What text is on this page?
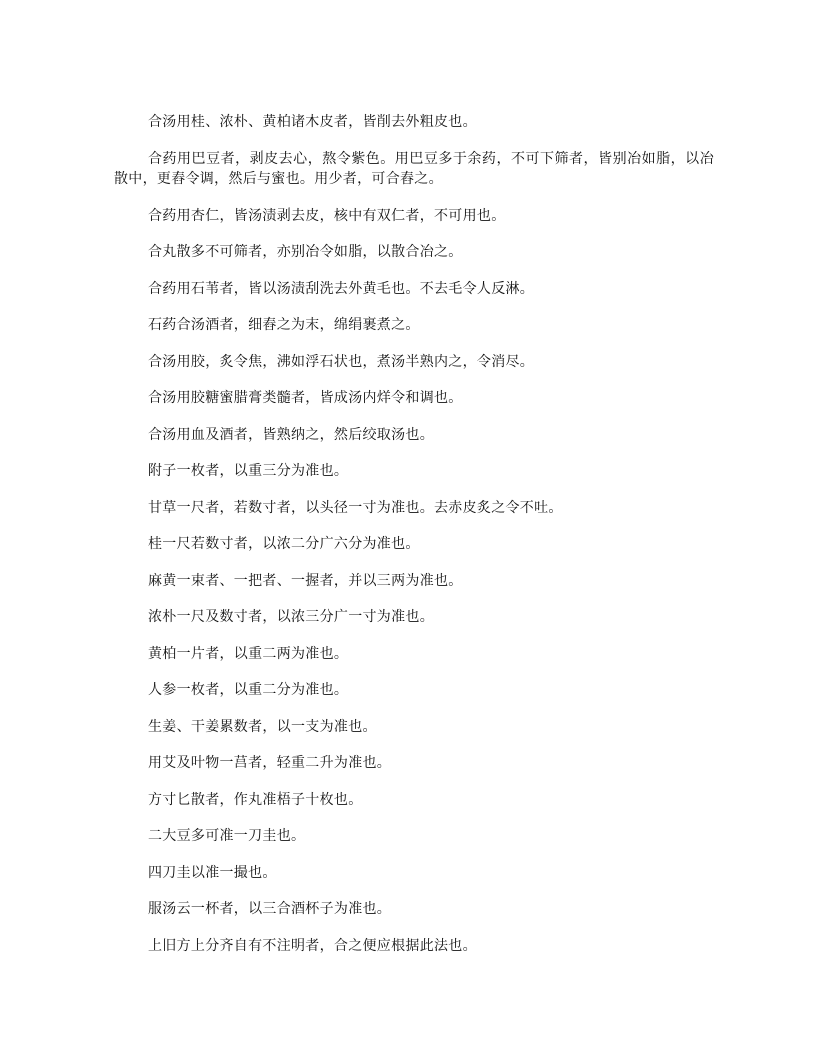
合汤用桂、浓朴、黄柏诸木皮者，皆削去外粗皮也。

合药用巴豆者，剥皮去心，熬令紫色。用巴豆多于余药，不可下筛者，皆别冶如脂，以冶散中，更舂令调，然后与蜜也。用少者，可合舂之。

合药用杏仁，皆汤渍剥去皮，核中有双仁者，不可用也。

合丸散多不可筛者，亦别冶令如脂，以散合冶之。

合药用石苇者，皆以汤渍刮洗去外黄毛也。不去毛令人反淋。

石药合汤酒者，细舂之为末，绵绢裹煮之。

合汤用胶，炙令焦，沸如浮石状也，煮汤半熟内之，令消尽。

合汤用胶糖蜜腊膏类髓者，皆成汤内烊令和调也。

合汤用血及酒者，皆熟纳之，然后绞取汤也。

附子一枚者，以重三分为准也。

甘草一尺者，若数寸者，以头径一寸为准也。去赤皮炙之令不吐。

桂一尺若数寸者，以浓二分广六分为准也。

麻黄一束者、一把者、一握者，并以三两为准也。

浓朴一尺及数寸者，以浓三分广一寸为准也。

黄柏一片者，以重二两为准也。

人参一枚者，以重二分为准也。

生姜、干姜累数者，以一支为准也。

用艾及叶物一莒者，轻重二升为准也。

方寸匕散者，作丸准梧子十枚也。

二大豆多可准一刀圭也。

四刀圭以准一撮也。

服汤云一杯者，以三合酒杯子为准也。

上旧方上分齐自有不注明者，合之便应根据此法也。
